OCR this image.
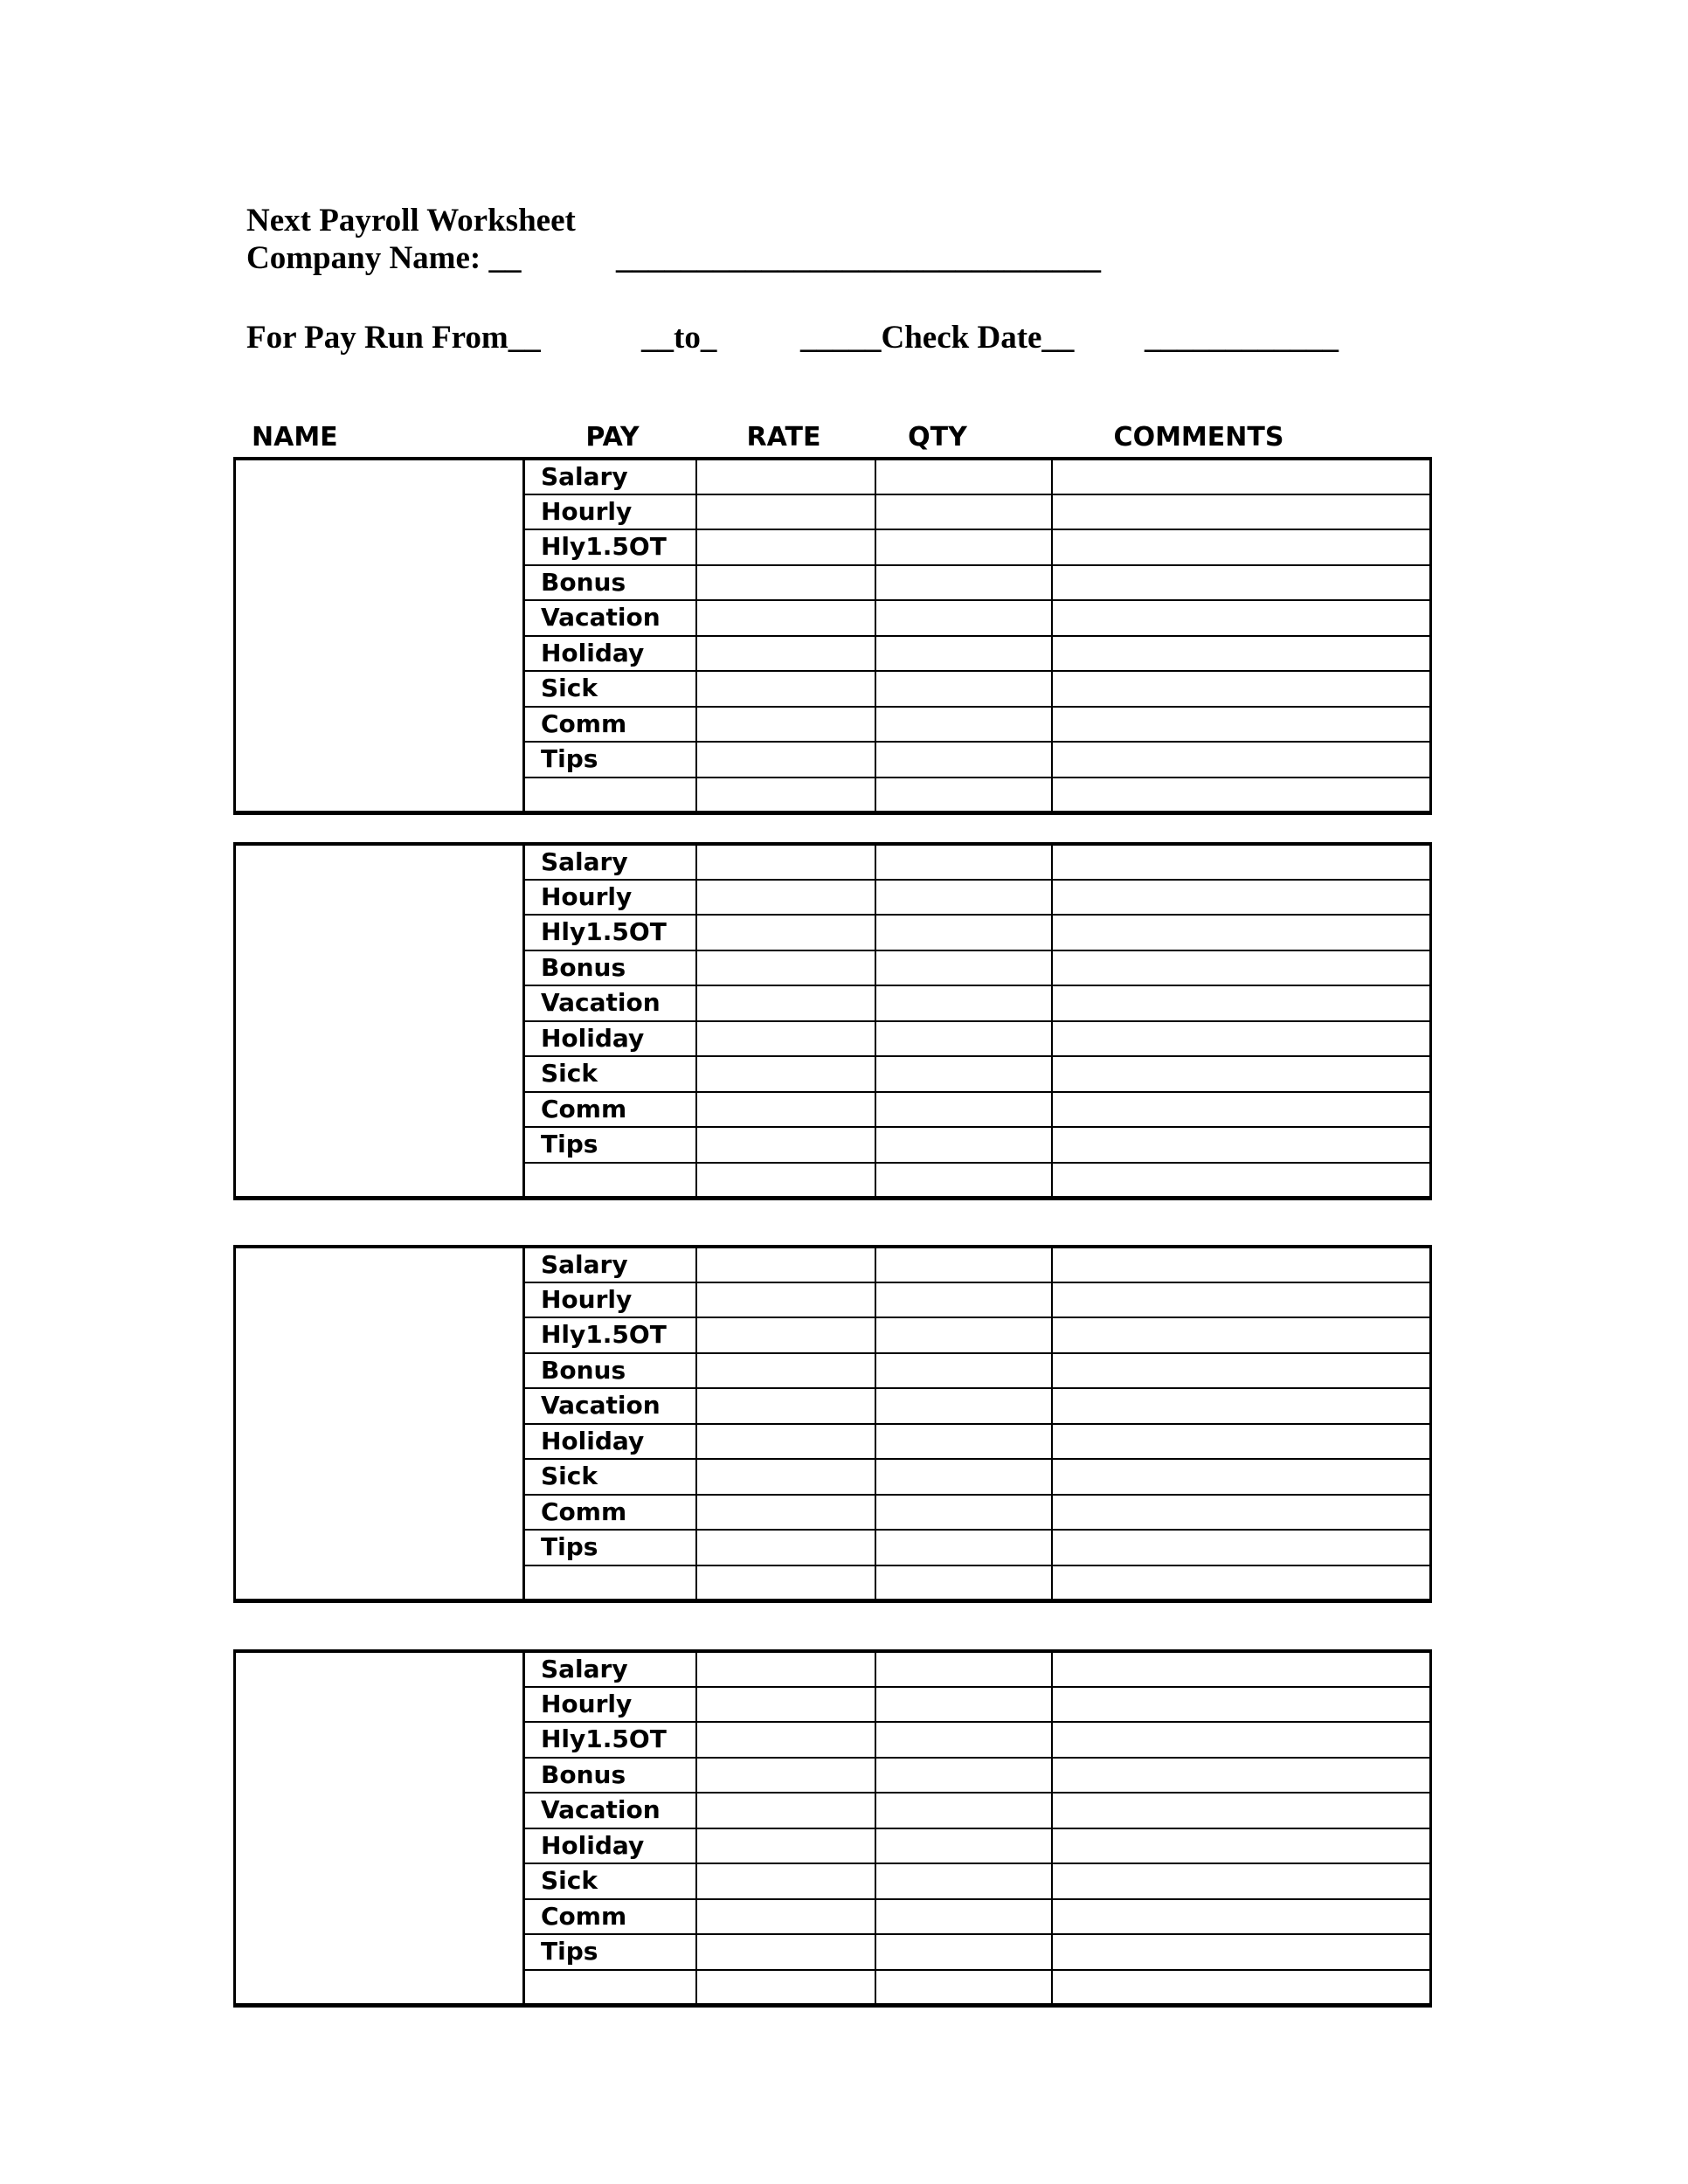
Next Payroll Worksheet
Company Name: __	______________________________
For Pay Run From__	__to_	_____Check Date__ ____________
NAME	PAY	RATE	QTY	COMMENTS
	Salary			
	Hourly			
	Hly1.5OT			
	Bonus			
	Vacation			
	Holiday			
	Sick			
	Comm			
	Tips			

	Salary			
	Hourly			
	Hly1.5OT			
	Bonus			
	Vacation			
	Holiday			
	Sick			
	Comm			
	Tips			

	Salary			
	Hourly			
	Hly1.5OT			
	Bonus			
	Vacation			
	Holiday			
	Sick			
	Comm			
	Tips			

	Salary			
	Hourly			
	Hly1.5OT			
	Bonus			
	Vacation			
	Holiday			
	Sick			
	Comm			
	Tips			
